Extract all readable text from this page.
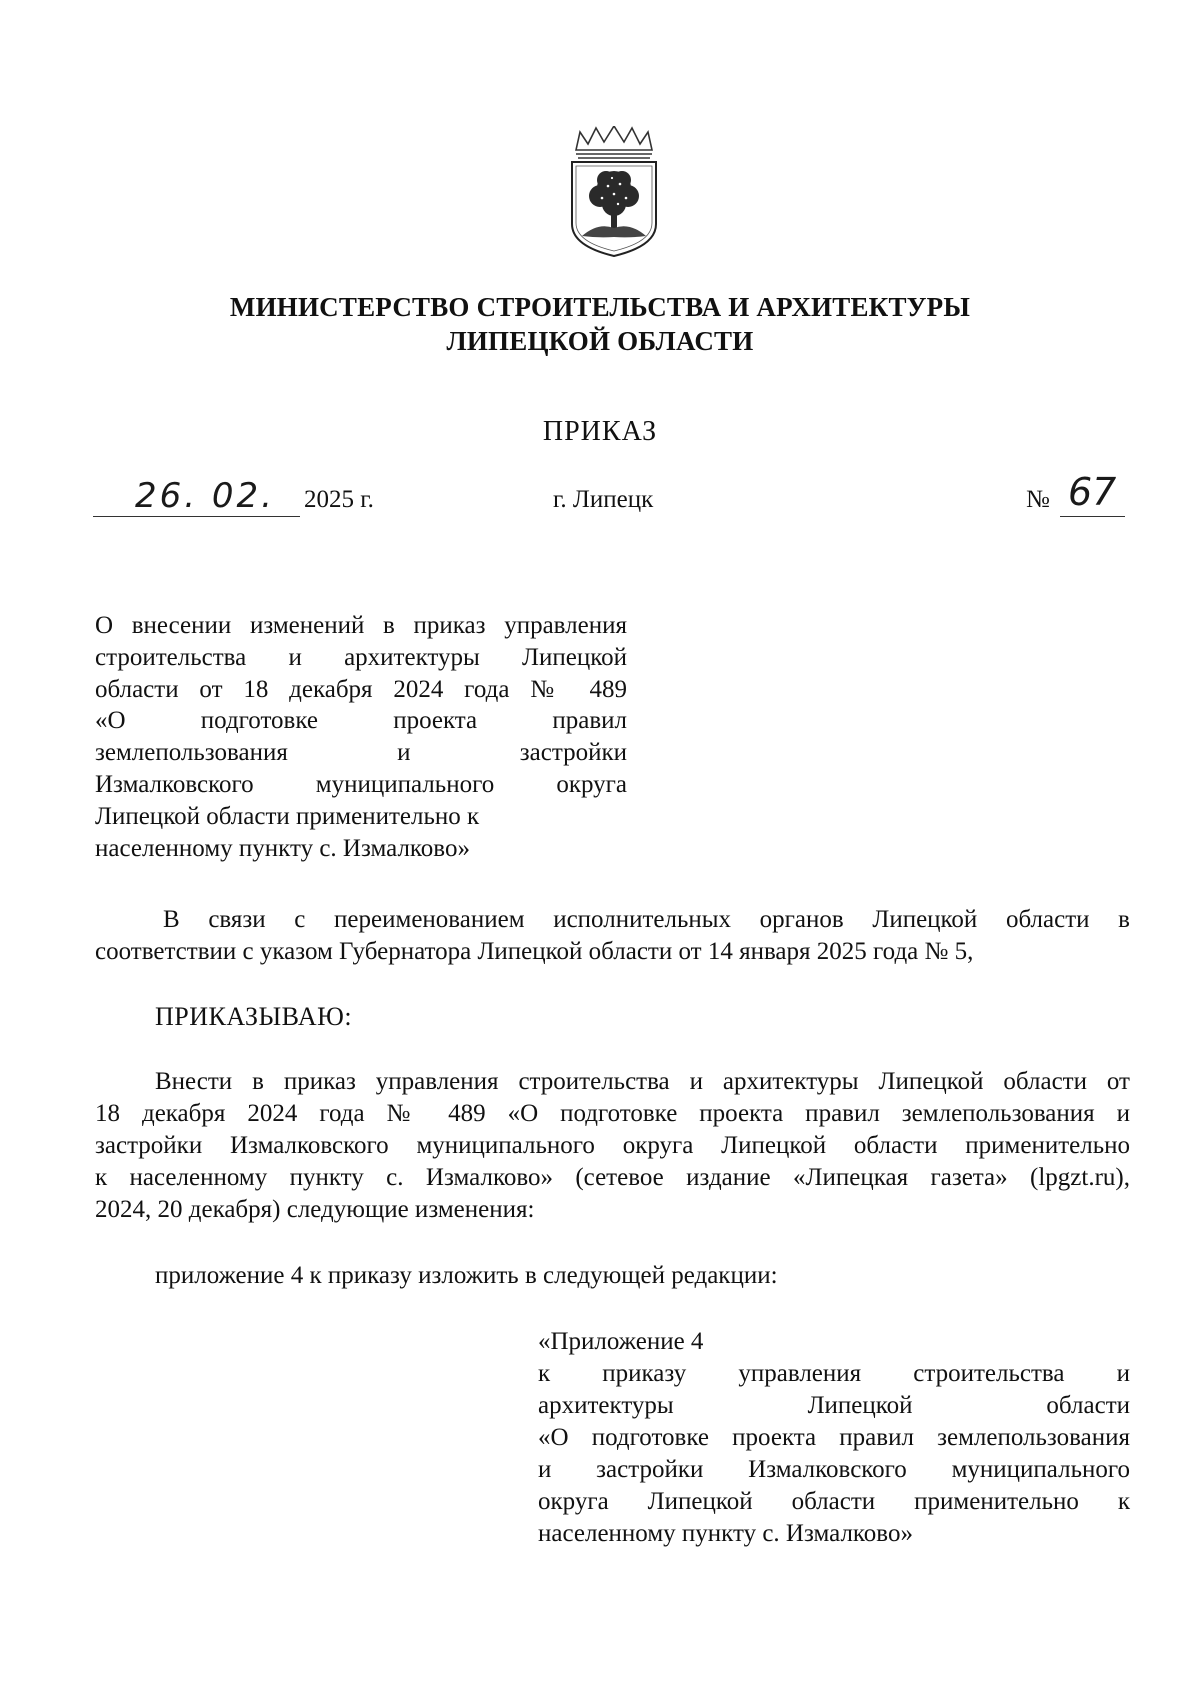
МИНИСТЕРСТВО СТРОИТЕЛЬСТВА И АРХИТЕКТУРЫ
ЛИПЕЦКОЙ ОБЛАСТИ
ПРИКАЗ
26. 02. 2025 г.	г. Липецк	№ 67
О внесении изменений в приказ управления
строительства и архитектуры Липецкой
области от 18 декабря 2024 года № 489
«О подготовке проекта правил
землепользования и застройки
Измалковского муниципального округа
Липецкой области применительно к
населенному пункту с. Измалково»
В связи с переименованием исполнительных органов Липецкой области в
соответствии с указом Губернатора Липецкой области от 14 января 2025 года № 5,
ПРИКАЗЫВАЮ:
Внести в приказ управления строительства и архитектуры Липецкой области от
18 декабря 2024 года № 489 «О подготовке проекта правил землепользования и
застройки Измалковского муниципального округа Липецкой области применительно
к населенному пункту с. Измалково» (сетевое издание «Липецкая газета» (lpgzt.ru),
2024, 20 декабря) следующие изменения:
приложение 4 к приказу изложить в следующей редакции:
«Приложение 4
к приказу управления строительства и
архитектуры Липецкой области
«О подготовке проекта правил землепользования
и застройки Измалковского муниципального
округа Липецкой области применительно к
населенному пункту с. Измалково»
